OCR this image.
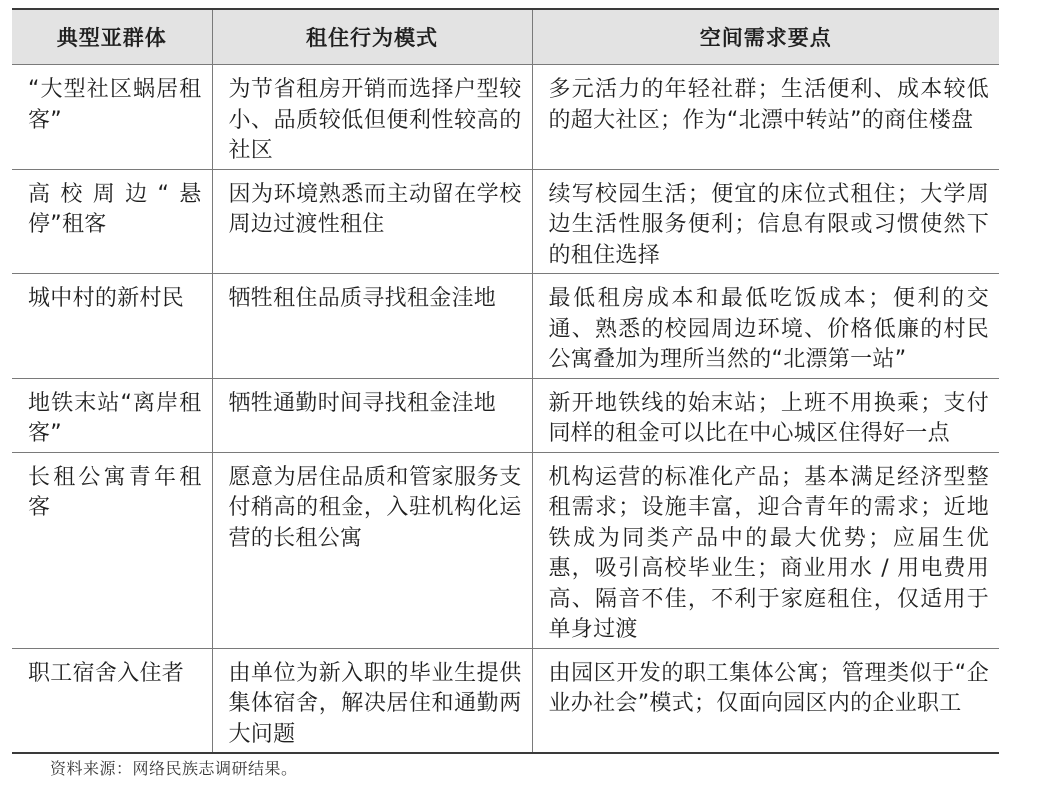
典型亚群体	租住行为模式	空间需求要点
“大型社区蜗居租客”	为节省租房开销而选择户型较小、品质较低但便利性较高的社区	多元活力的年轻社群；生活便利、成本较低的超大社区；作为“北漂中转站”的商住楼盘
高校周边“悬停”租客	因为环境熟悉而主动留在学校周边过渡性租住	续写校园生活；便宜的床位式租住；大学周边生活性服务便利；信息有限或习惯使然下的租住选择
城中村的新村民	牺牲租住品质寻找租金洼地	最低租房成本和最低吃饭成本；便利的交通、熟悉的校园周边环境、价格低廉的村民公寓叠加为理所当然的“北漂第一站”
地铁末站“离岸租客”	牺牲通勤时间寻找租金洼地	新开地铁线的始末站；上班不用换乘；支付同样的租金可以比在中心城区住得好一点
长租公寓青年租客	愿意为居住品质和管家服务支付稍高的租金，入驻机构化运营的长租公寓	机构运营的标准化产品；基本满足经济型整租需求；设施丰富，迎合青年的需求；近地铁成为同类产品中的最大优势；应届生优惠，吸引高校毕业生；商业用水 / 用电费用高、隔音不佳，不利于家庭租住，仅适用于单身过渡
职工宿舍入住者	由单位为新入职的毕业生提供集体宿舍，解决居住和通勤两大问题	由园区开发的职工集体公寓；管理类似于“企业办社会”模式；仅面向园区内的企业职工
资料来源：网络民族志调研结果。
